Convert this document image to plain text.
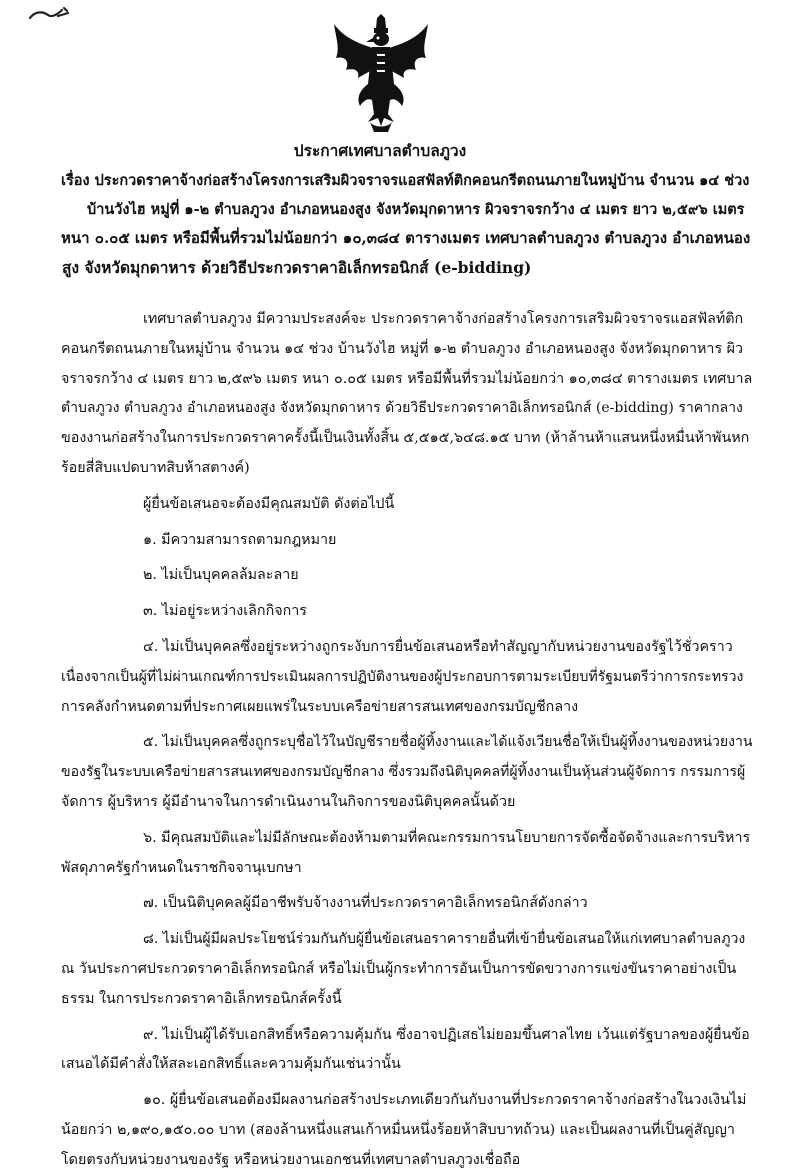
ประกาศเทศบาลตำบลภูวง
เรื่อง ประกวดราคาจ้างก่อสร้างโครงการเสริมผิวจราจรแอสฟัลท์ติกคอนกรีตถนนภายในหมู่บ้าน จำนวน ๑๔ ช่วง
บ้านวังไฮ หมู่ที่ ๑-๒ ตำบลภูวง อำเภอหนองสูง จังหวัดมุกดาหาร ผิวจราจรกว้าง ๔ เมตร ยาว ๒,๕๙๖ เมตร
หนา ๐.๐๕ เมตร หรือมีพื้นที่รวมไม่น้อยกว่า ๑๐,๓๘๔ ตารางเมตร เทศบาลตำบลภูวง ตำบลภูวง อำเภอหนอง
สูง จังหวัดมุกดาหาร ด้วยวิธีประกวดราคาอิเล็กทรอนิกส์ (e-bidding)
เทศบาลตำบลภูวง มีความประสงค์จะ ประกวดราคาจ้างก่อสร้างโครงการเสริมผิวจราจรแอสฟัลท์ติก
คอนกรีตถนนภายในหมู่บ้าน จำนวน ๑๔ ช่วง บ้านวังไฮ หมู่ที่ ๑-๒ ตำบลภูวง อำเภอหนองสูง จังหวัดมุกดาหาร ผิว
จราจรกว้าง ๔ เมตร ยาว ๒,๕๙๖ เมตร หนา ๐.๐๕ เมตร หรือมีพื้นที่รวมไม่น้อยกว่า ๑๐,๓๘๔ ตารางเมตร เทศบาล
ตำบลภูวง ตำบลภูวง อำเภอหนองสูง จังหวัดมุกดาหาร ด้วยวิธีประกวดราคาอิเล็กทรอนิกส์ (e-bidding) ราคากลาง
ของงานก่อสร้างในการประกวดราคาครั้งนี้เป็นเงินทั้งสิ้น ๕,๕๑๕,๖๔๘.๑๕ บาท (ห้าล้านห้าแสนหนึ่งหมื่นห้าพันหก
ร้อยสี่สิบแปดบาทสิบห้าสตางค์)
ผู้ยื่นข้อเสนอจะต้องมีคุณสมบัติ ดังต่อไปนี้
๑. มีความสามารถตามกฎหมาย
๒. ไม่เป็นบุคคลล้มละลาย
๓. ไม่อยู่ระหว่างเลิกกิจการ
๔. ไม่เป็นบุคคลซึ่งอยู่ระหว่างถูกระงับการยื่นข้อเสนอหรือทำสัญญากับหน่วยงานของรัฐไว้ชั่วคราว
เนื่องจากเป็นผู้ที่ไม่ผ่านเกณฑ์การประเมินผลการปฏิบัติงานของผู้ประกอบการตามระเบียบที่รัฐมนตรีว่าการกระทรวง
การคลังกำหนดตามที่ประกาศเผยแพร่ในระบบเครือข่ายสารสนเทศของกรมบัญชีกลาง
๕. ไม่เป็นบุคคลซึ่งถูกระบุชื่อไว้ในบัญชีรายชื่อผู้ทิ้งงานและได้แจ้งเวียนชื่อให้เป็นผู้ทิ้งงานของหน่วยงาน
ของรัฐในระบบเครือข่ายสารสนเทศของกรมบัญชีกลาง ซึ่งรวมถึงนิติบุคคลที่ผู้ทิ้งงานเป็นหุ้นส่วนผู้จัดการ กรรมการผู้
จัดการ ผู้บริหาร ผู้มีอำนาจในการดำเนินงานในกิจการของนิติบุคคลนั้นด้วย
๖. มีคุณสมบัติและไม่มีลักษณะต้องห้ามตามที่คณะกรรมการนโยบายการจัดซื้อจัดจ้างและการบริหาร
พัสดุภาครัฐกำหนดในราชกิจจานุเบกษา
๗. เป็นนิติบุคคลผู้มีอาชีพรับจ้างงานที่ประกวดราคาอิเล็กทรอนิกส์ดังกล่าว
๘. ไม่เป็นผู้มีผลประโยชน์ร่วมกันกับผู้ยื่นข้อเสนอราคารายอื่นที่เข้ายื่นข้อเสนอให้แก่เทศบาลตำบลภูวง
ณ วันประกาศประกวดราคาอิเล็กทรอนิกส์ หรือไม่เป็นผู้กระทำการอันเป็นการขัดขวางการแข่งขันราคาอย่างเป็น
ธรรม ในการประกวดราคาอิเล็กทรอนิกส์ครั้งนี้
๙. ไม่เป็นผู้ได้รับเอกสิทธิ์หรือความคุ้มกัน ซึ่งอาจปฏิเสธไม่ยอมขึ้นศาลไทย เว้นแต่รัฐบาลของผู้ยื่นข้อ
เสนอได้มีคำสั่งให้สละเอกสิทธิ์และความคุ้มกันเช่นว่านั้น
๑๐. ผู้ยื่นข้อเสนอต้องมีผลงานก่อสร้างประเภทเดียวกันกับงานที่ประกวดราคาจ้างก่อสร้างในวงเงินไม่
น้อยกว่า ๒,๑๙๐,๑๕๐.๐๐ บาท (สองล้านหนึ่งแสนเก้าหมื่นหนึ่งร้อยห้าสิบบาทถ้วน) และเป็นผลงานที่เป็นคู่สัญญา
โดยตรงกับหน่วยงานของรัฐ หรือหน่วยงานเอกชนที่เทศบาลตำบลภูวงเชื่อถือ
